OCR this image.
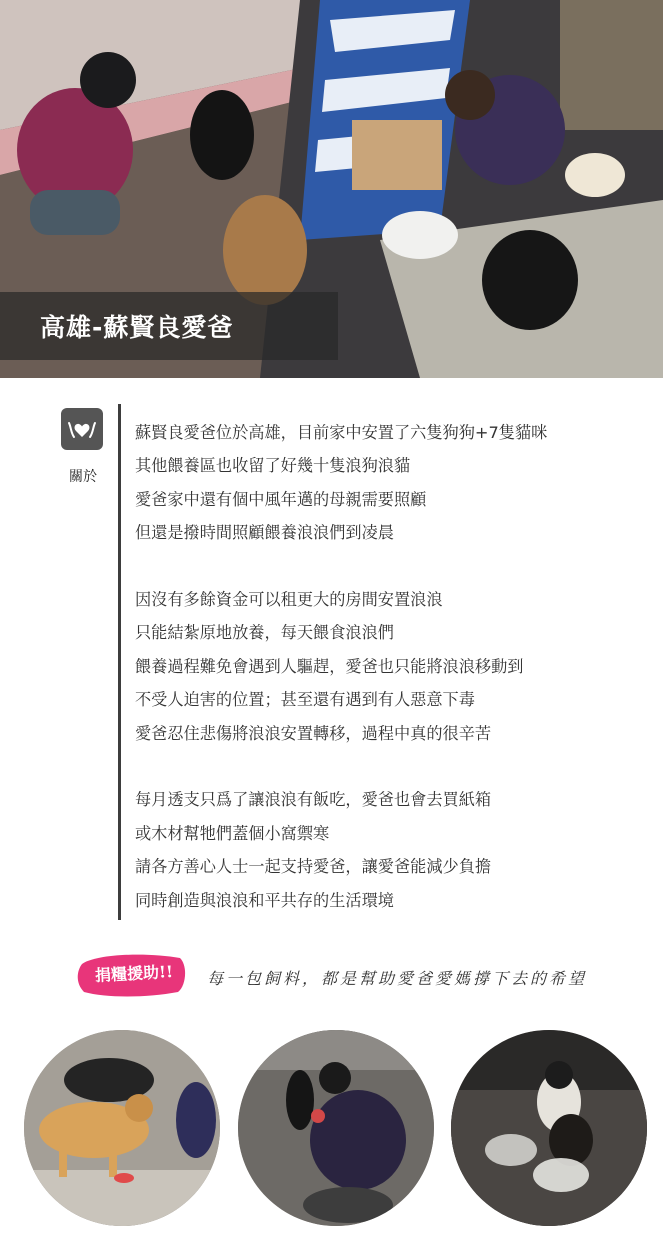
高雄-蘇賢良愛爸
關於
蘇賢良愛爸位於高雄，目前家中安置了六隻狗狗+7隻貓咪
其他餵養區也收留了好幾十隻浪狗浪貓
愛爸家中還有個中風年邁的母親需要照顧
但還是撥時間照顧餵養浪浪們到凌晨
因沒有多餘資金可以租更大的房間安置浪浪
只能結紮原地放養，每天餵食浪浪們
餵養過程難免會遇到人驅趕，愛爸也只能將浪浪移動到
不受人迫害的位置；甚至還有遇到有人惡意下毒
愛爸忍住悲傷將浪浪安置轉移，過程中真的很辛苦
每月透支只爲了讓浪浪有飯吃，愛爸也會去買紙箱
或木材幫牠們蓋個小窩禦寒
請各方善心人士一起支持愛爸，讓愛爸能減少負擔
同時創造與浪浪和平共存的生活環境
捐糧援助!!	每一包飼料，都是幫助愛爸愛媽撐下去的希望
